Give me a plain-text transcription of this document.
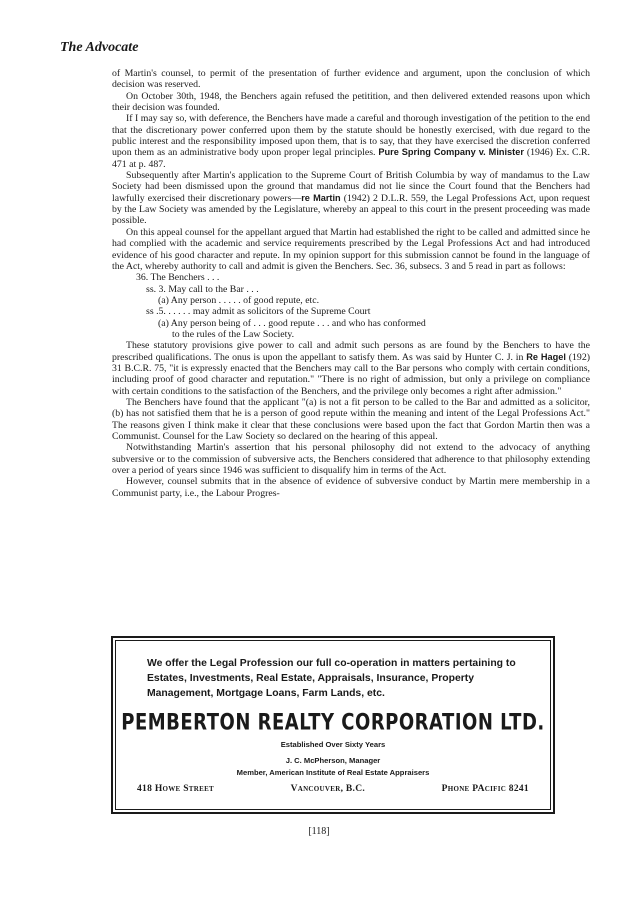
The Advocate

of Martin's counsel, to permit of the presentation of further evidence and argument, upon the conclusion of which decision was reserved.

On October 30th, 1948, the Benchers again refused the petitition, and then delivered extended reasons upon which their decision was founded.

If I may say so, with deference, the Benchers have made a careful and thorough investigation of the petition to the end that the discretionary power conferred upon them by the statute should be honestly exercised, with due regard to the public interest and the responsibility imposed upon them, that is to say, that they have exercised the discretion conferred upon them as an administrative body upon proper legal principles. Pure Spring Company v. Minister (1946) Ex. C.R. 471 at p. 487.

Subsequently after Martin's application to the Supreme Court of British Columbia by way of mandamus to the Law Society had been dismissed upon the ground that mandamus did not lie since the Court found that the Benchers had lawfully exercised their discretionary powers—re Martin (1942) 2 D.L.R. 559, the Legal Professions Act, upon request by the Law Society was amended by the Legislature, whereby an appeal to this court in the present proceeding was made possible.

On this appeal counsel for the appellant argued that Martin had established the right to be called and admitted since he had complied with the academic and service requirements prescribed by the Legal Professions Act and had introduced evidence of his good character and repute. In my opinion support for this submission cannot be found in the language of the Act, whereby authority to call and admit is given the Benchers. Sec. 36, subsecs. 3 and 5 read in part as follows:

36. The Benchers . . .
ss. 3. May call to the Bar . . .
(a) Any person . . . . . of good repute, etc.
ss .5. . . . . . may admit as solicitors of the Supreme Court
(a) Any person being of . . . good repute . . . and who has conformed
to the rules of the Law Society.

These statutory provisions give power to call and admit such persons as are found by the Benchers to have the prescribed qualifications. The onus is upon the appellant to satisfy them. As was said by Hunter C. J. in Re Hagel (192) 31 B.C.R. 75, "it is expressly enacted that the Benchers may call to the Bar persons who comply with certain conditions, including proof of good character and reputation." "There is no right of admission, but only a privilege on compliance with certain conditions to the satisfaction of the Benchers, and the privilege only becomes a right after admission."

The Benchers have found that the applicant "(a) is not a fit person to be called to the Bar and admitted as a solicitor, (b) has not satisfied them that he is a person of good repute within the meaning and intent of the Legal Professions Act." The reasons given I think make it clear that these conclusions were based upon the fact that Gordon Martin then was a Communist. Counsel for the Law Society so declared on the hearing of this appeal.

Notwithstanding Martin's assertion that his personal philosophy did not extend to the advocacy of anything subversive or to the commission of subversive acts, the Benchers considered that adherence to that philosophy extending over a period of years since 1946 was sufficient to disqualify him in terms of the Act.

However, counsel submits that in the absence of evidence of subversive conduct by Martin mere membership in a Communist party, i.e., the Labour Progres-

We offer the Legal Profession our full co-operation in matters pertaining to Estates, Investments, Real Estate, Appraisals, Insurance, Property Management, Mortgage Loans, Farm Lands, etc.
PEMBERTON REALTY CORPORATION LTD.
Established Over Sixty Years
J. C. McPherson, Manager
Member, American Institute of Real Estate Appraisers
418 Howe Street	Vancouver, B.C.	Phone PAcific 8241
[118]
